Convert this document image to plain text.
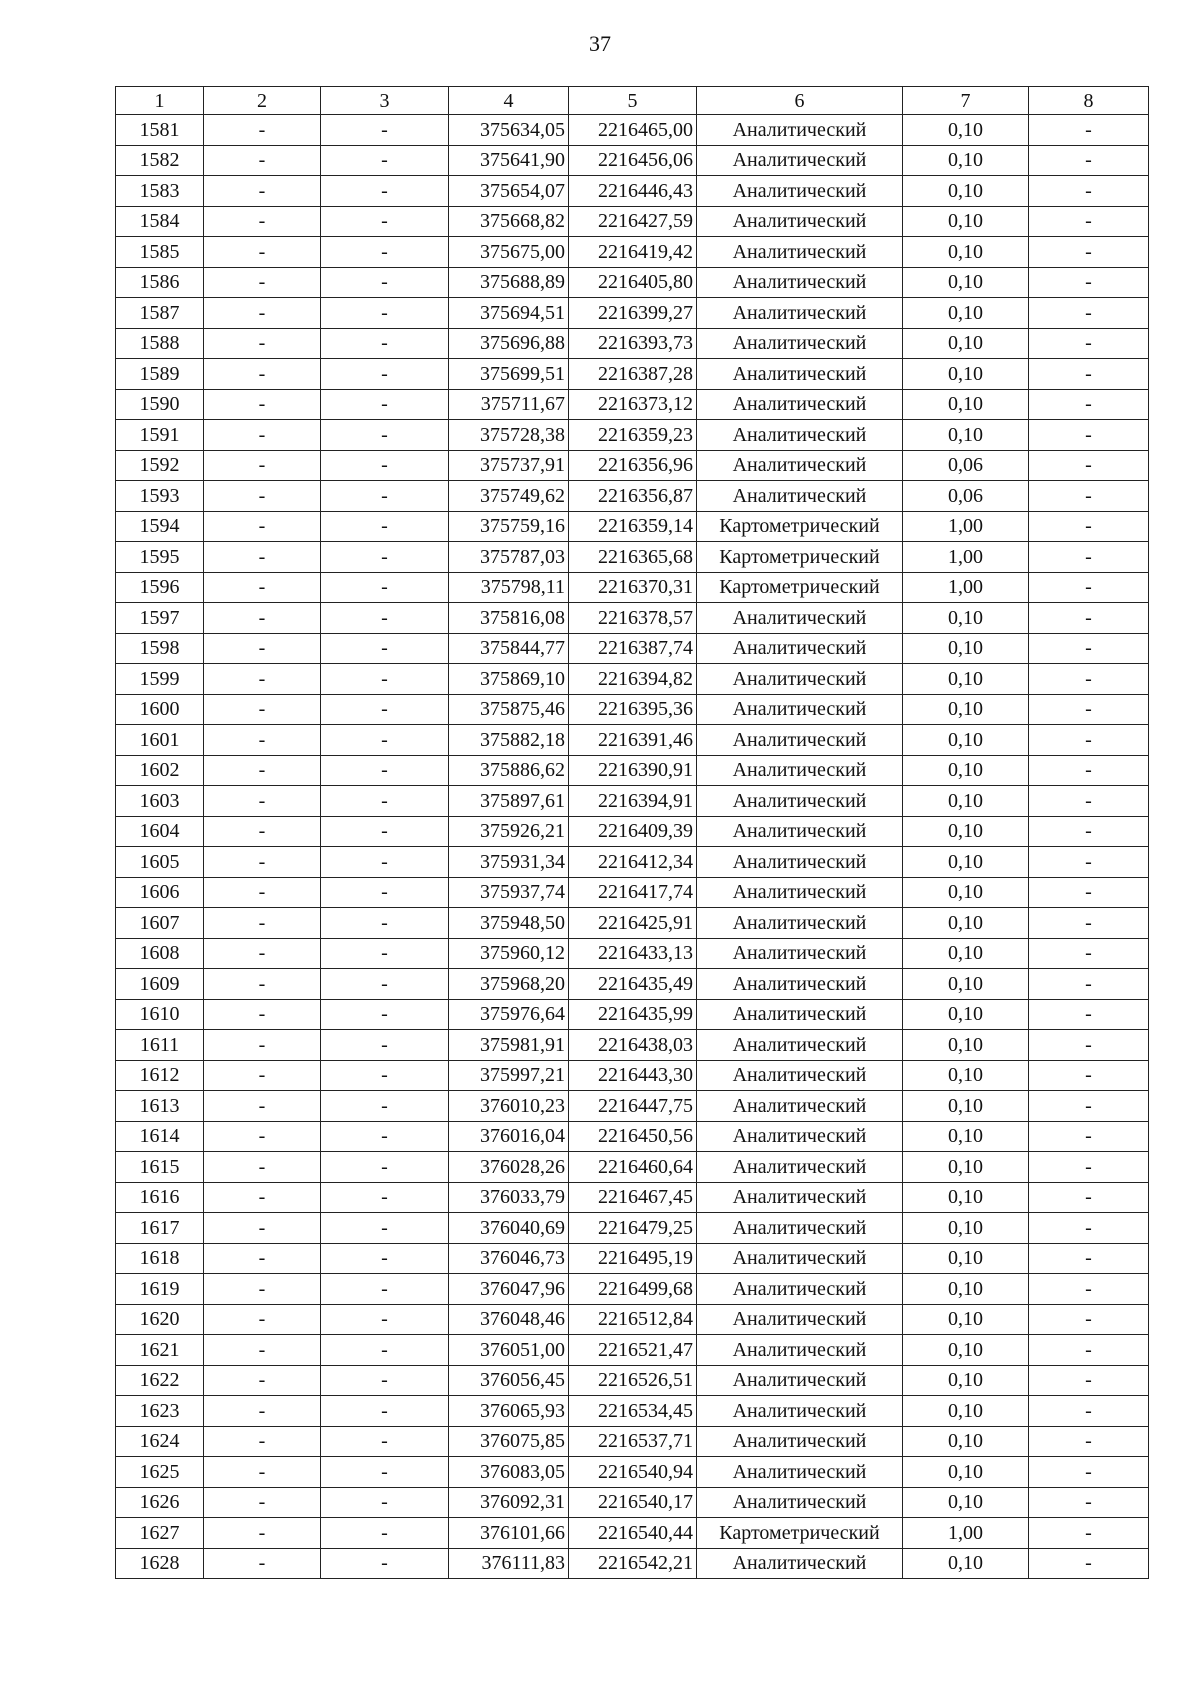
37
1	2	3	4	5	6	7	8
1581	-	-	375634,05	2216465,00	Аналитический	0,10	-
1582	-	-	375641,90	2216456,06	Аналитический	0,10	-
1583	-	-	375654,07	2216446,43	Аналитический	0,10	-
1584	-	-	375668,82	2216427,59	Аналитический	0,10	-
1585	-	-	375675,00	2216419,42	Аналитический	0,10	-
1586	-	-	375688,89	2216405,80	Аналитический	0,10	-
1587	-	-	375694,51	2216399,27	Аналитический	0,10	-
1588	-	-	375696,88	2216393,73	Аналитический	0,10	-
1589	-	-	375699,51	2216387,28	Аналитический	0,10	-
1590	-	-	375711,67	2216373,12	Аналитический	0,10	-
1591	-	-	375728,38	2216359,23	Аналитический	0,10	-
1592	-	-	375737,91	2216356,96	Аналитический	0,06	-
1593	-	-	375749,62	2216356,87	Аналитический	0,06	-
1594	-	-	375759,16	2216359,14	Картометрический	1,00	-
1595	-	-	375787,03	2216365,68	Картометрический	1,00	-
1596	-	-	375798,11	2216370,31	Картометрический	1,00	-
1597	-	-	375816,08	2216378,57	Аналитический	0,10	-
1598	-	-	375844,77	2216387,74	Аналитический	0,10	-
1599	-	-	375869,10	2216394,82	Аналитический	0,10	-
1600	-	-	375875,46	2216395,36	Аналитический	0,10	-
1601	-	-	375882,18	2216391,46	Аналитический	0,10	-
1602	-	-	375886,62	2216390,91	Аналитический	0,10	-
1603	-	-	375897,61	2216394,91	Аналитический	0,10	-
1604	-	-	375926,21	2216409,39	Аналитический	0,10	-
1605	-	-	375931,34	2216412,34	Аналитический	0,10	-
1606	-	-	375937,74	2216417,74	Аналитический	0,10	-
1607	-	-	375948,50	2216425,91	Аналитический	0,10	-
1608	-	-	375960,12	2216433,13	Аналитический	0,10	-
1609	-	-	375968,20	2216435,49	Аналитический	0,10	-
1610	-	-	375976,64	2216435,99	Аналитический	0,10	-
1611	-	-	375981,91	2216438,03	Аналитический	0,10	-
1612	-	-	375997,21	2216443,30	Аналитический	0,10	-
1613	-	-	376010,23	2216447,75	Аналитический	0,10	-
1614	-	-	376016,04	2216450,56	Аналитический	0,10	-
1615	-	-	376028,26	2216460,64	Аналитический	0,10	-
1616	-	-	376033,79	2216467,45	Аналитический	0,10	-
1617	-	-	376040,69	2216479,25	Аналитический	0,10	-
1618	-	-	376046,73	2216495,19	Аналитический	0,10	-
1619	-	-	376047,96	2216499,68	Аналитический	0,10	-
1620	-	-	376048,46	2216512,84	Аналитический	0,10	-
1621	-	-	376051,00	2216521,47	Аналитический	0,10	-
1622	-	-	376056,45	2216526,51	Аналитический	0,10	-
1623	-	-	376065,93	2216534,45	Аналитический	0,10	-
1624	-	-	376075,85	2216537,71	Аналитический	0,10	-
1625	-	-	376083,05	2216540,94	Аналитический	0,10	-
1626	-	-	376092,31	2216540,17	Аналитический	0,10	-
1627	-	-	376101,66	2216540,44	Картометрический	1,00	-
1628	-	-	376111,83	2216542,21	Аналитический	0,10	-
